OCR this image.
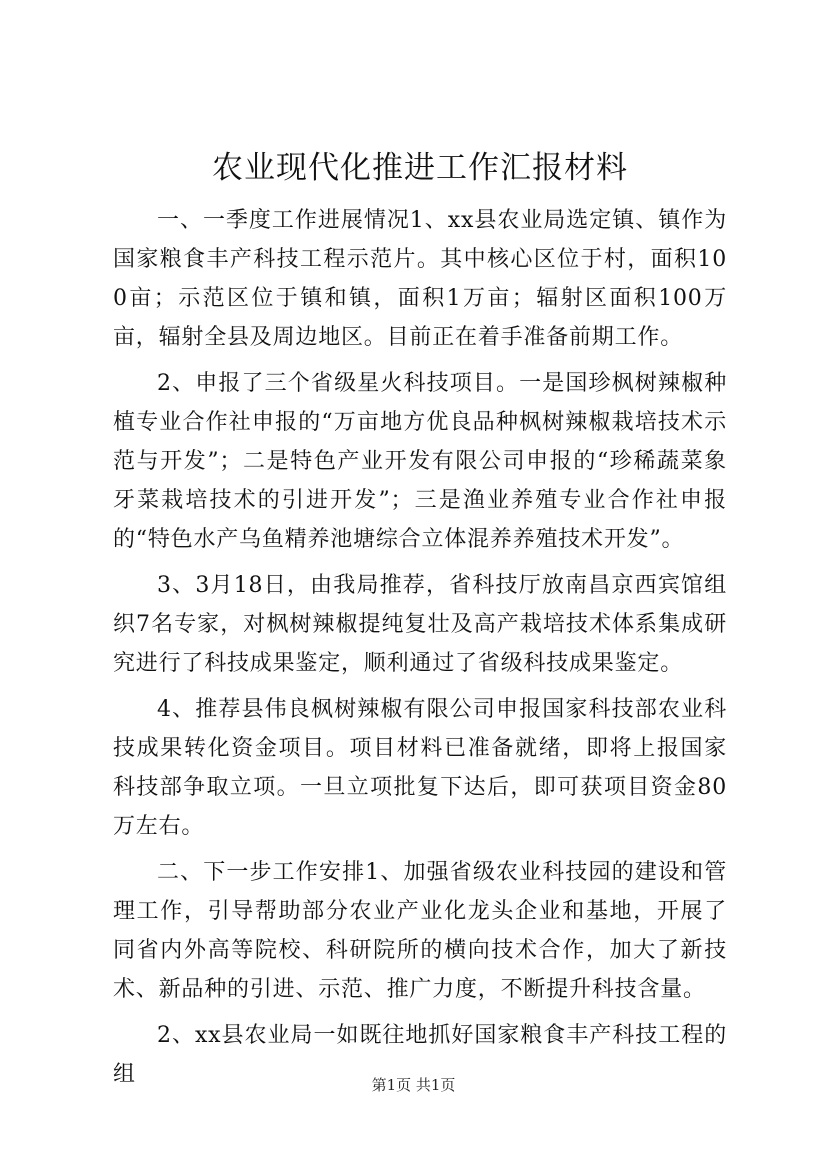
农业现代化推进工作汇报材料

一、一季度工作进展情况1、xx县农业局选定镇、镇作为国家粮食丰产科技工程示范片。其中核心区位于村，面积100亩；示范区位于镇和镇，面积1万亩；辐射区面积100万亩，辐射全县及周边地区。目前正在着手准备前期工作。

2、申报了三个省级星火科技项目。一是国珍枫树辣椒种植专业合作社申报的“万亩地方优良品种枫树辣椒栽培技术示范与开发”；二是特色产业开发有限公司申报的“珍稀蔬菜象牙菜栽培技术的引进开发”；三是渔业养殖专业合作社申报的“特色水产乌鱼精养池塘综合立体混养养殖技术开发”。

3、3月18日，由我局推荐，省科技厅放南昌京西宾馆组织7名专家，对枫树辣椒提纯复壮及高产栽培技术体系集成研究进行了科技成果鉴定，顺利通过了省级科技成果鉴定。

4、推荐县伟良枫树辣椒有限公司申报国家科技部农业科技成果转化资金项目。项目材料已准备就绪，即将上报国家科技部争取立项。一旦立项批复下达后，即可获项目资金80万左右。

二、下一步工作安排1、加强省级农业科技园的建设和管理工作，引导帮助部分农业产业化龙头企业和基地，开展了同省内外高等院校、科研院所的横向技术合作，加大了新技术、新品种的引进、示范、推广力度，不断提升科技含量。

2、xx县农业局一如既往地抓好国家粮食丰产科技工程的组	第1页 共1页
